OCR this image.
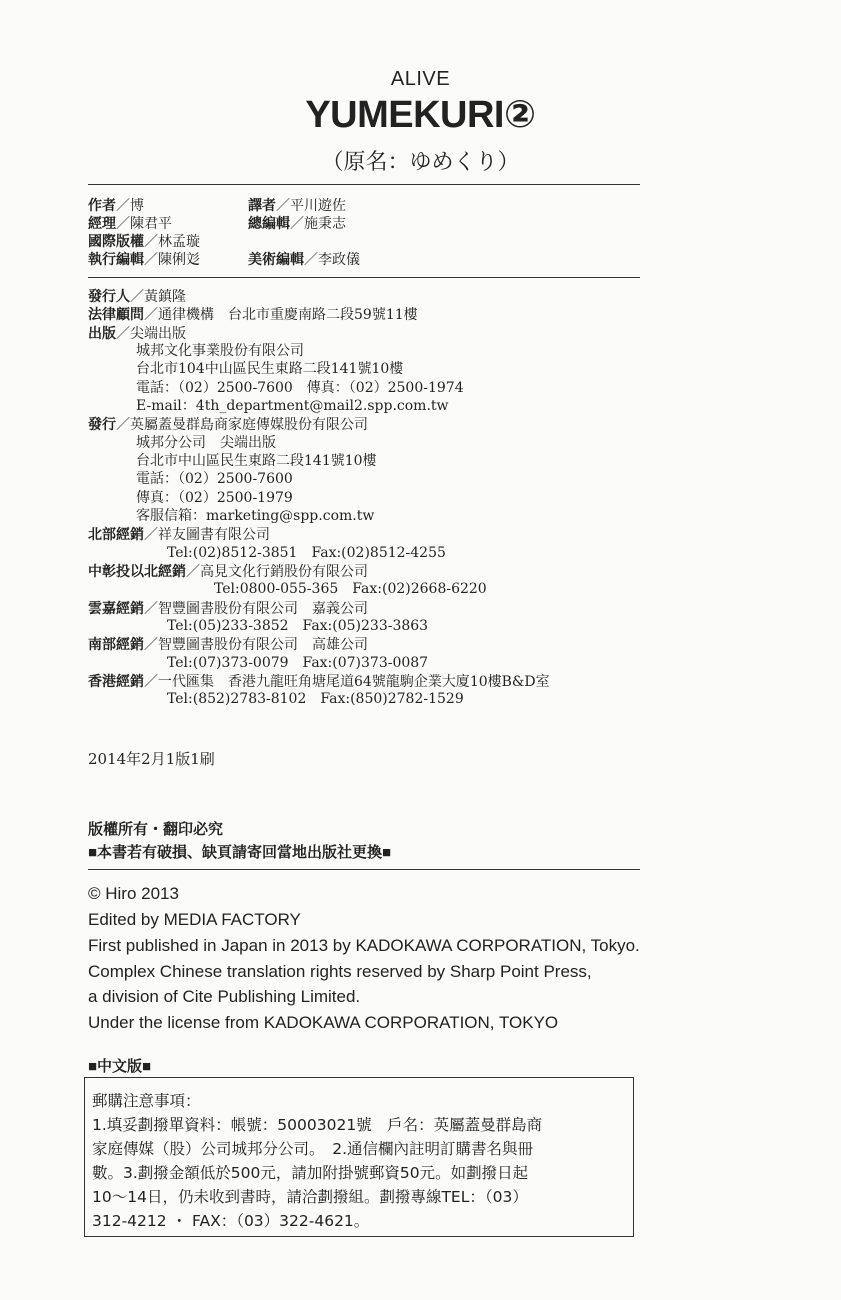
ALIVE
YUMEKURI②
（原名：ゆめくり）
作者／博	譯者／平川遊佐
經理／陳君平	總編輯／施秉志
國際版權／林孟璇
執行編輯／陳俐彣	美術編輯／李政儀
發行人／黃鎮隆
法律顧問／通律機構　台北市重慶南路二段59號11樓
出版／尖端出版
城邦文化事業股份有限公司
台北市104中山區民生東路二段141號10樓
電話：（02）2500-7600　傳真：（02）2500-1974
E-mail：4th_department@mail2.spp.com.tw
發行／英屬蓋曼群島商家庭傳媒股份有限公司
城邦分公司　尖端出版
台北市中山區民生東路二段141號10樓
電話：（02）2500-7600
傳真：（02）2500-1979
客服信箱：marketing@spp.com.tw
北部經銷／祥友圖書有限公司
Tel:(02)8512-3851　Fax:(02)8512-4255
中彰投以北經銷／高見文化行銷股份有限公司
Tel:0800-055-365　Fax:(02)2668-6220
雲嘉經銷／智豐圖書股份有限公司　嘉義公司
Tel:(05)233-3852　Fax:(05)233-3863
南部經銷／智豐圖書股份有限公司　高雄公司
Tel:(07)373-0079　Fax:(07)373-0087
香港經銷／一代匯集　香港九龍旺角塘尾道64號龍駒企業大廈10樓B&D室
Tel:(852)2783-8102　Fax:(850)2782-1529
2014年2月1版1刷
版權所有・翻印必究
■本書若有破損、缺頁請寄回當地出版社更換■
© Hiro 2013
Edited by MEDIA FACTORY
First published in Japan in 2013 by KADOKAWA CORPORATION, Tokyo.
Complex Chinese translation rights reserved by Sharp Point Press,
a division of Cite Publishing Limited.
Under the license from KADOKAWA CORPORATION, TOKYO
■中文版■
郵購注意事項：
1.填妥劃撥單資料：帳號：50003021號　戶名：英屬蓋曼群島商
家庭傳媒（股）公司城邦分公司。　2.通信欄內註明訂購書名與冊
數。3.劃撥金額低於500元，請加附掛號郵資50元。如劃撥日起
10～14日，仍未收到書時，請洽劃撥組。劃撥專線TEL：（03）
312-4212 ・ FAX：（03）322-4621。
